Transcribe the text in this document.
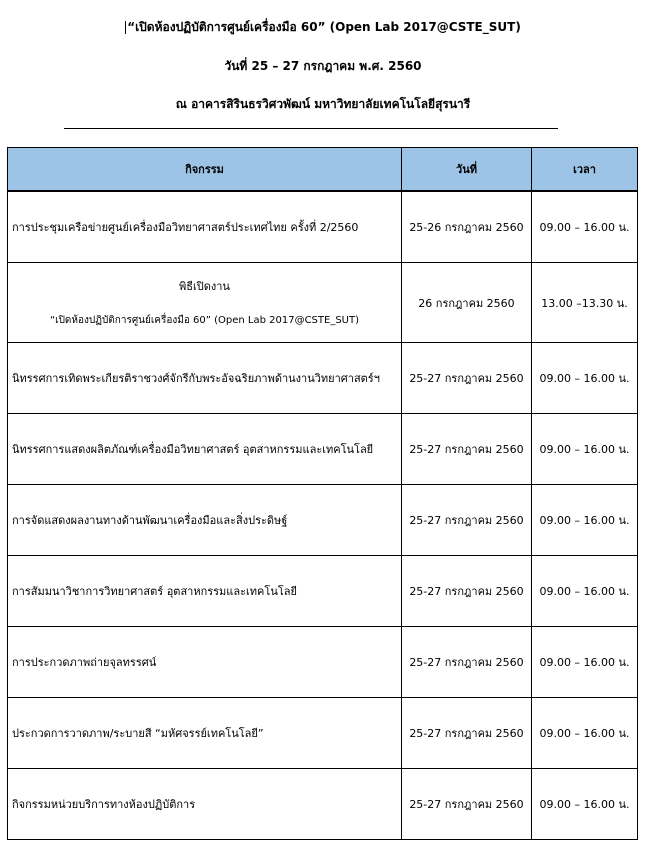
“เปิดห้องปฏิบัติการศูนย์เครื่องมือ 60” (Open Lab 2017@CSTE_SUT)
วันที่ 25 – 27 กรกฎาคม พ.ศ. 2560
ณ อาคารสิรินธรวิศวพัฒน์ มหาวิทยาลัยเทคโนโลยีสุรนารี
กิจกรรม	วันที่	เวลา
การประชุมเครือข่ายศูนย์เครื่องมือวิทยาศาสตร์ประเทศไทย ครั้งที่ 2/2560	25-26 กรกฎาคม 2560	09.00 – 16.00 น.

พิธีเปิดงาน
“เปิดห้องปฏิบัติการศูนย์เครื่องมือ 60” (Open Lab 2017@CSTE_SUT)	26 กรกฎาคม 2560	13.00 –13.30 น.
นิทรรศการเทิดพระเกียรติราชวงศ์จักรีกับพระอัจฉริยภาพด้านงานวิทยาศาสตร์ฯ	25-27 กรกฎาคม 2560	09.00 – 16.00 น.
นิทรรศการแสดงผลิตภัณฑ์เครื่องมือวิทยาศาสตร์ อุตสาหกรรมและเทคโนโลยี	25-27 กรกฎาคม 2560	09.00 – 16.00 น.
การจัดแสดงผลงานทางด้านพัฒนาเครื่องมือและสิ่งประดิษฐ์	25-27 กรกฎาคม 2560	09.00 – 16.00 น.
การสัมมนาวิชาการวิทยาศาสตร์ อุตสาหกรรมและเทคโนโลยี	25-27 กรกฎาคม 2560	09.00 – 16.00 น.
การประกวดภาพถ่ายจุลทรรศน์	25-27 กรกฎาคม 2560	09.00 – 16.00 น.
ประกวดการวาดภาพ/ระบายสี “มหัศจรรย์เทคโนโลยี”	25-27 กรกฎาคม 2560	09.00 – 16.00 น.
กิจกรรมหน่วยบริการทางห้องปฏิบัติการ	25-27 กรกฎาคม 2560	09.00 – 16.00 น.
